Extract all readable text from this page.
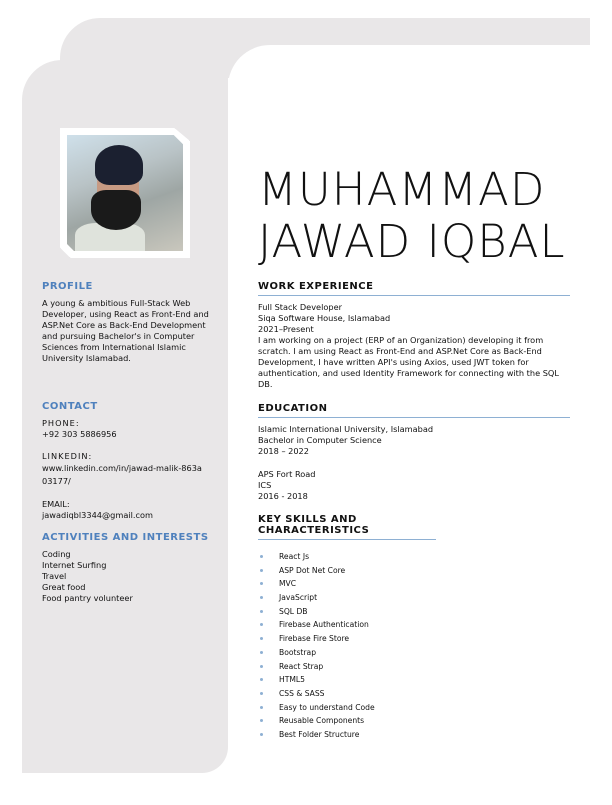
MUHAMMAD
JAWAD IQBAL
PROFILE

A young & ambitious Full-Stack Web Developer, using React as Front-End and ASP.Net Core as Back-End Development and pursuing Bachelor's in Computer Sciences from International Islamic University Islamabad.

CONTACT

PHONE:

+92 303 5886956

LINKEDIN:

www.linkedin.com/in/jawad-malik-863a03177/

EMAIL:

jawadiqbl3344@gmail.com

ACTIVITIES AND INTERESTS

Coding

Internet Surfing

Travel

Great food

Food pantry volunteer

WORK EXPERIENCE

Full Stack Developer

Siqa Software House, Islamabad

2021–Present

I am working on a project (ERP of an Organization) developing it from scratch. I am using React as Front-End and ASP.Net Core as Back-End Development, I have written API's using Axios, used JWT token for authentication, and used Identity Framework for connecting with the SQL DB.

EDUCATION

Islamic International University, Islamabad

Bachelor in Computer Science

2018 – 2022

APS Fort Road

ICS

2016 - 2018

KEY SKILLS AND CHARACTERISTICS
React Js
ASP Dot Net Core
MVC
JavaScript
SQL DB
Firebase Authentication
Firebase Fire Store
Bootstrap
React Strap
HTML5
CSS & SASS
Easy to understand Code
Reusable Components
Best Folder Structure
